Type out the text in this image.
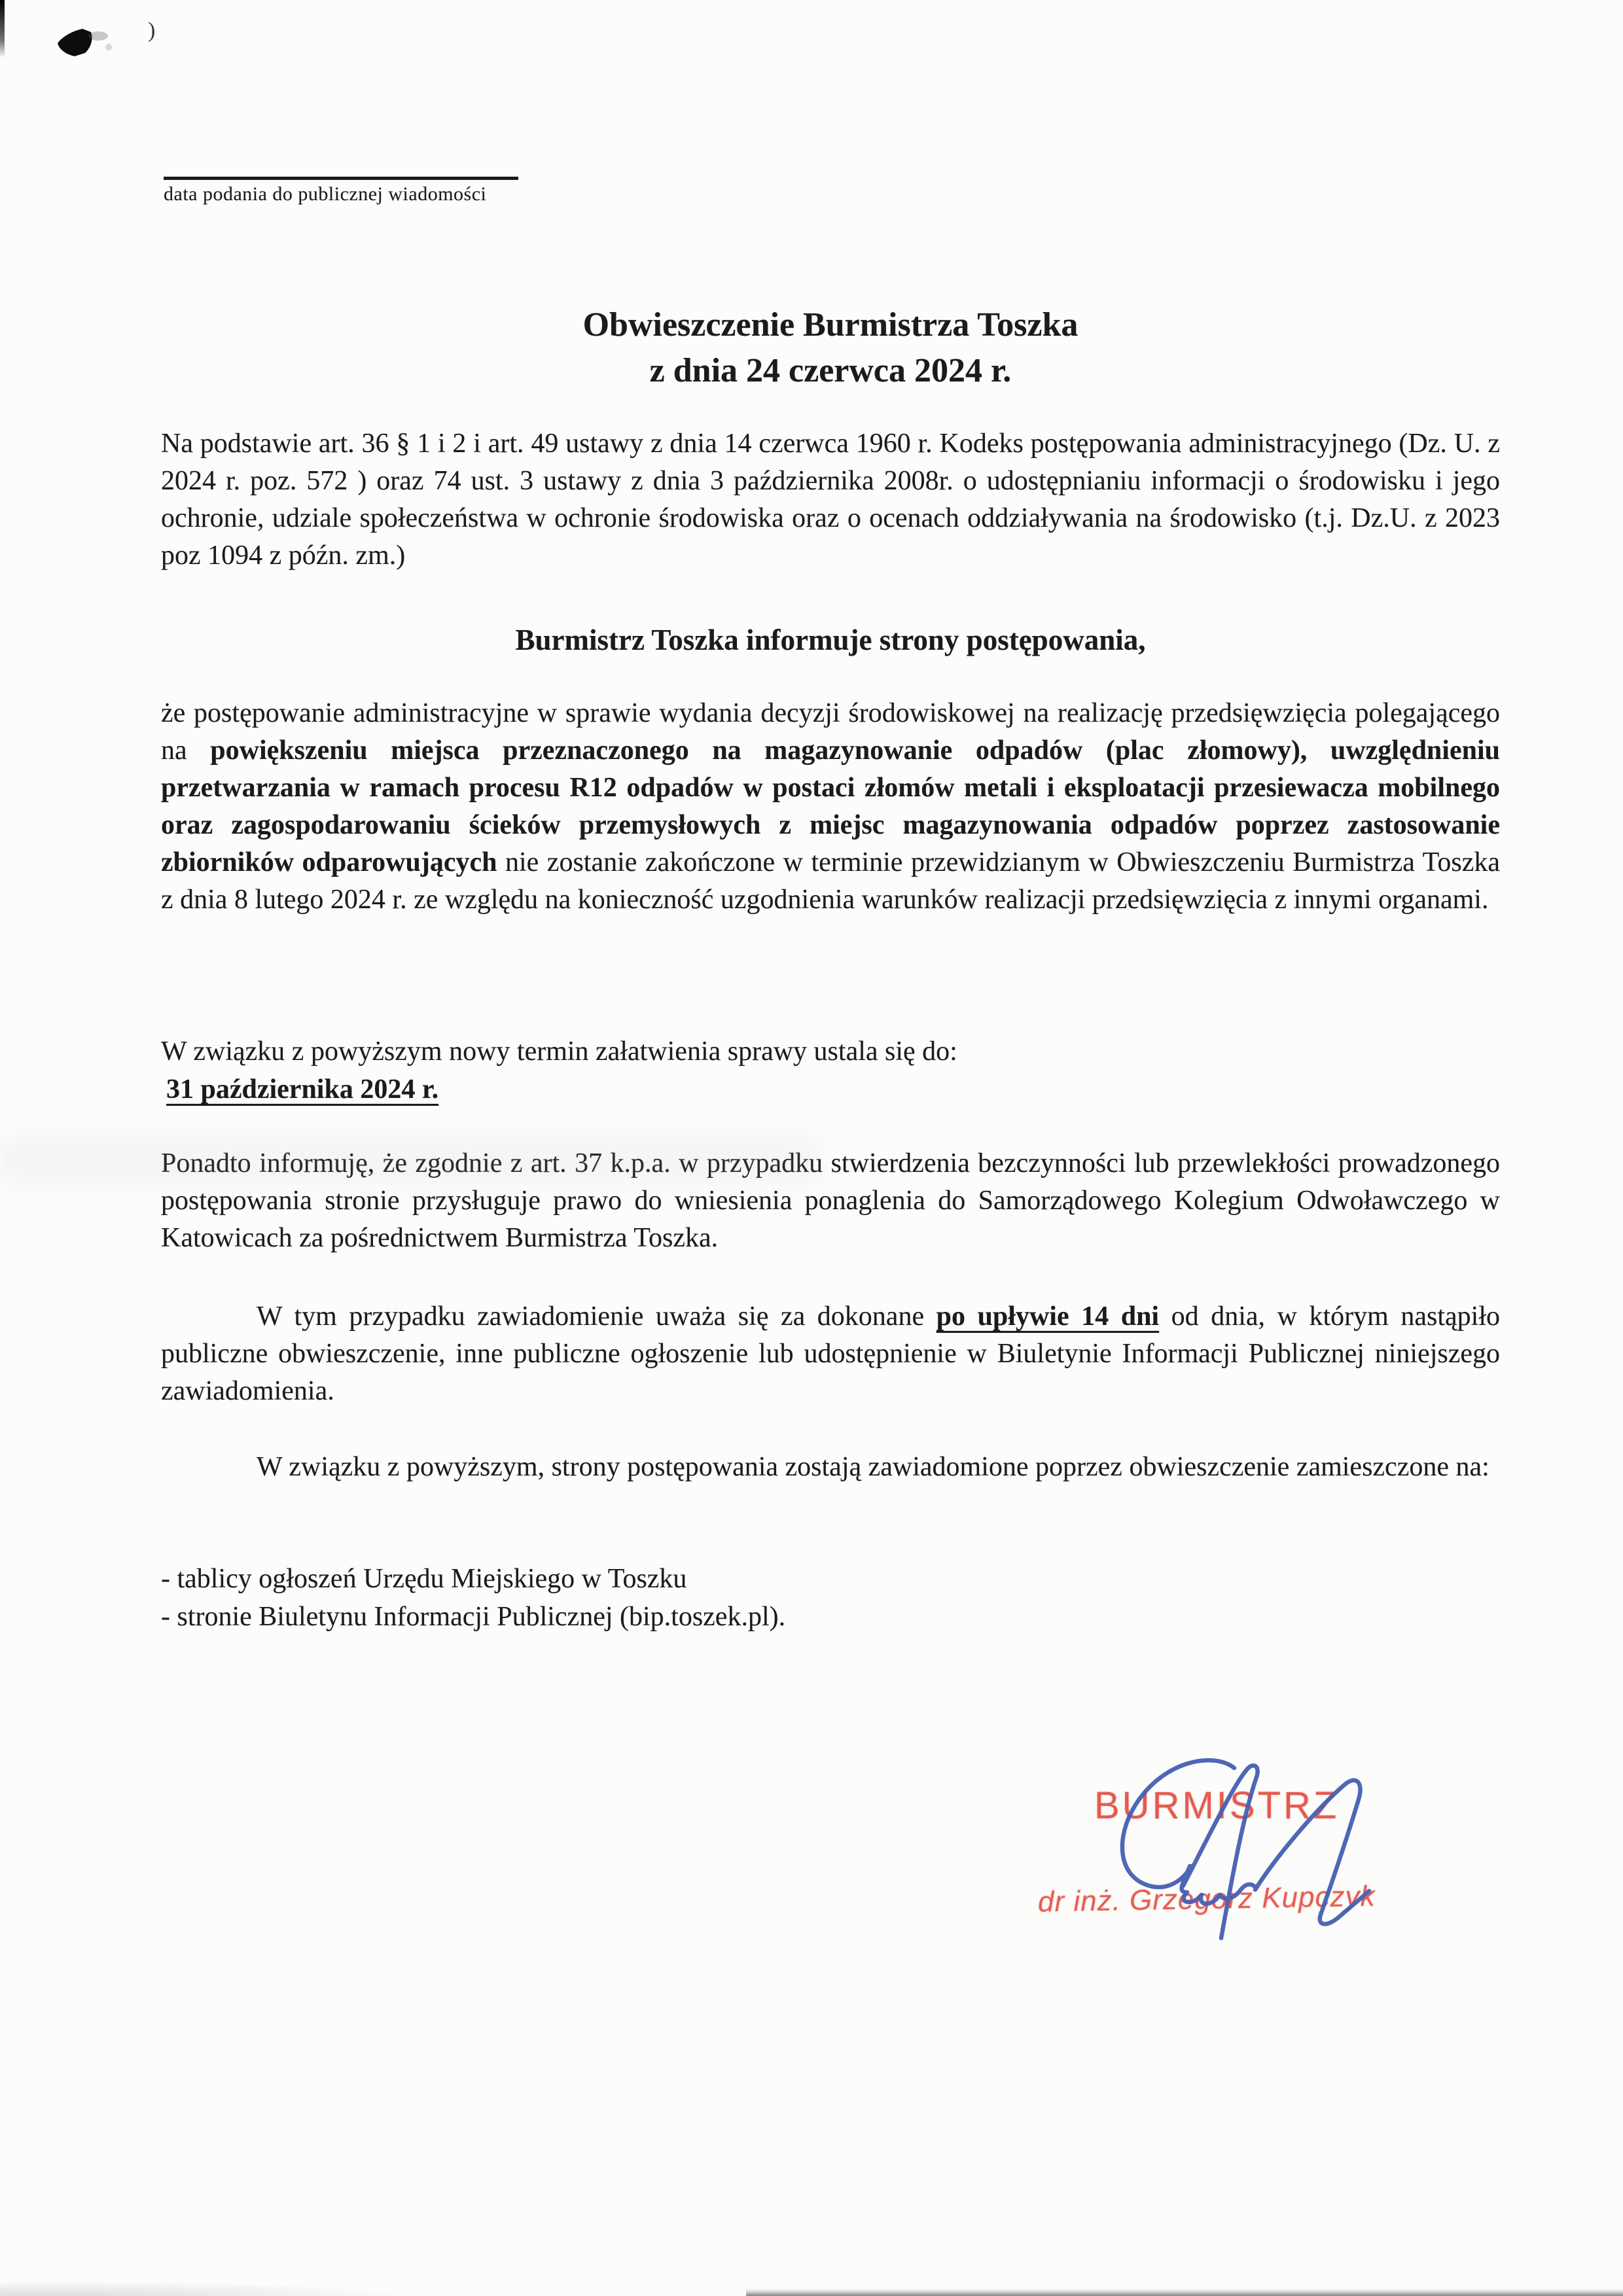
)
data podania do publicznej wiadomości
Obwieszczenie Burmistrza Toszka
z dnia 24 czerwca 2024 r.
Na podstawie art. 36 § 1 i 2 i art. 49 ustawy z dnia 14 czerwca 1960 r. Kodeks postępowania administracyjnego (Dz. U. z 2024 r. poz. 572 ) oraz 74 ust. 3 ustawy z dnia 3 października 2008r. o udostępnianiu informacji o środowisku i jego ochronie, udziale społeczeństwa w ochronie środowiska oraz o ocenach oddziaływania na środowisko (t.j. Dz.U. z 2023 poz 1094 z późn. zm.)
Burmistrz Toszka informuje strony postępowania,
że postępowanie administracyjne w sprawie wydania decyzji środowiskowej na realizację przedsięwzięcia polegającego na powiększeniu miejsca przeznaczonego na magazynowanie odpadów (plac złomowy), uwzględnieniu przetwarzania w ramach procesu R12 odpadów w postaci złomów metali i eksploatacji przesiewacza mobilnego oraz zagospodarowaniu ścieków przemysłowych z miejsc magazynowania odpadów poprzez zastosowanie zbiorników odparowujących nie zostanie zakończone w terminie przewidzianym w Obwieszczeniu Burmistrza Toszka z dnia 8 lutego 2024 r. ze względu na konieczność uzgodnienia warunków realizacji przedsięwzięcia z innymi organami.
W związku z powyższym nowy termin załatwienia sprawy ustala się do:
31 października 2024 r.
Ponadto informuję, że zgodnie z art. 37 k.p.a. w przypadku stwierdzenia bezczynności lub przewlekłości prowadzonego postępowania stronie przysługuje prawo do wniesienia ponaglenia do Samorządowego Kolegium Odwoławczego w Katowicach za pośrednictwem Burmistrza Toszka.
W tym przypadku zawiadomienie uważa się za dokonane po upływie 14 dni od dnia, w którym nastąpiło publiczne obwieszczenie, inne publiczne ogłoszenie lub udostępnienie w Biuletynie Informacji Publicznej niniejszego zawiadomienia.
W związku z powyższym, strony postępowania zostają zawiadomione poprzez obwieszczenie zamieszczone na:
- tablicy ogłoszeń Urzędu Miejskiego w Toszku
- stronie Biuletynu Informacji Publicznej (bip.toszek.pl).
BURMISTRZ
dr inż. Grzegorz Kupczyk
